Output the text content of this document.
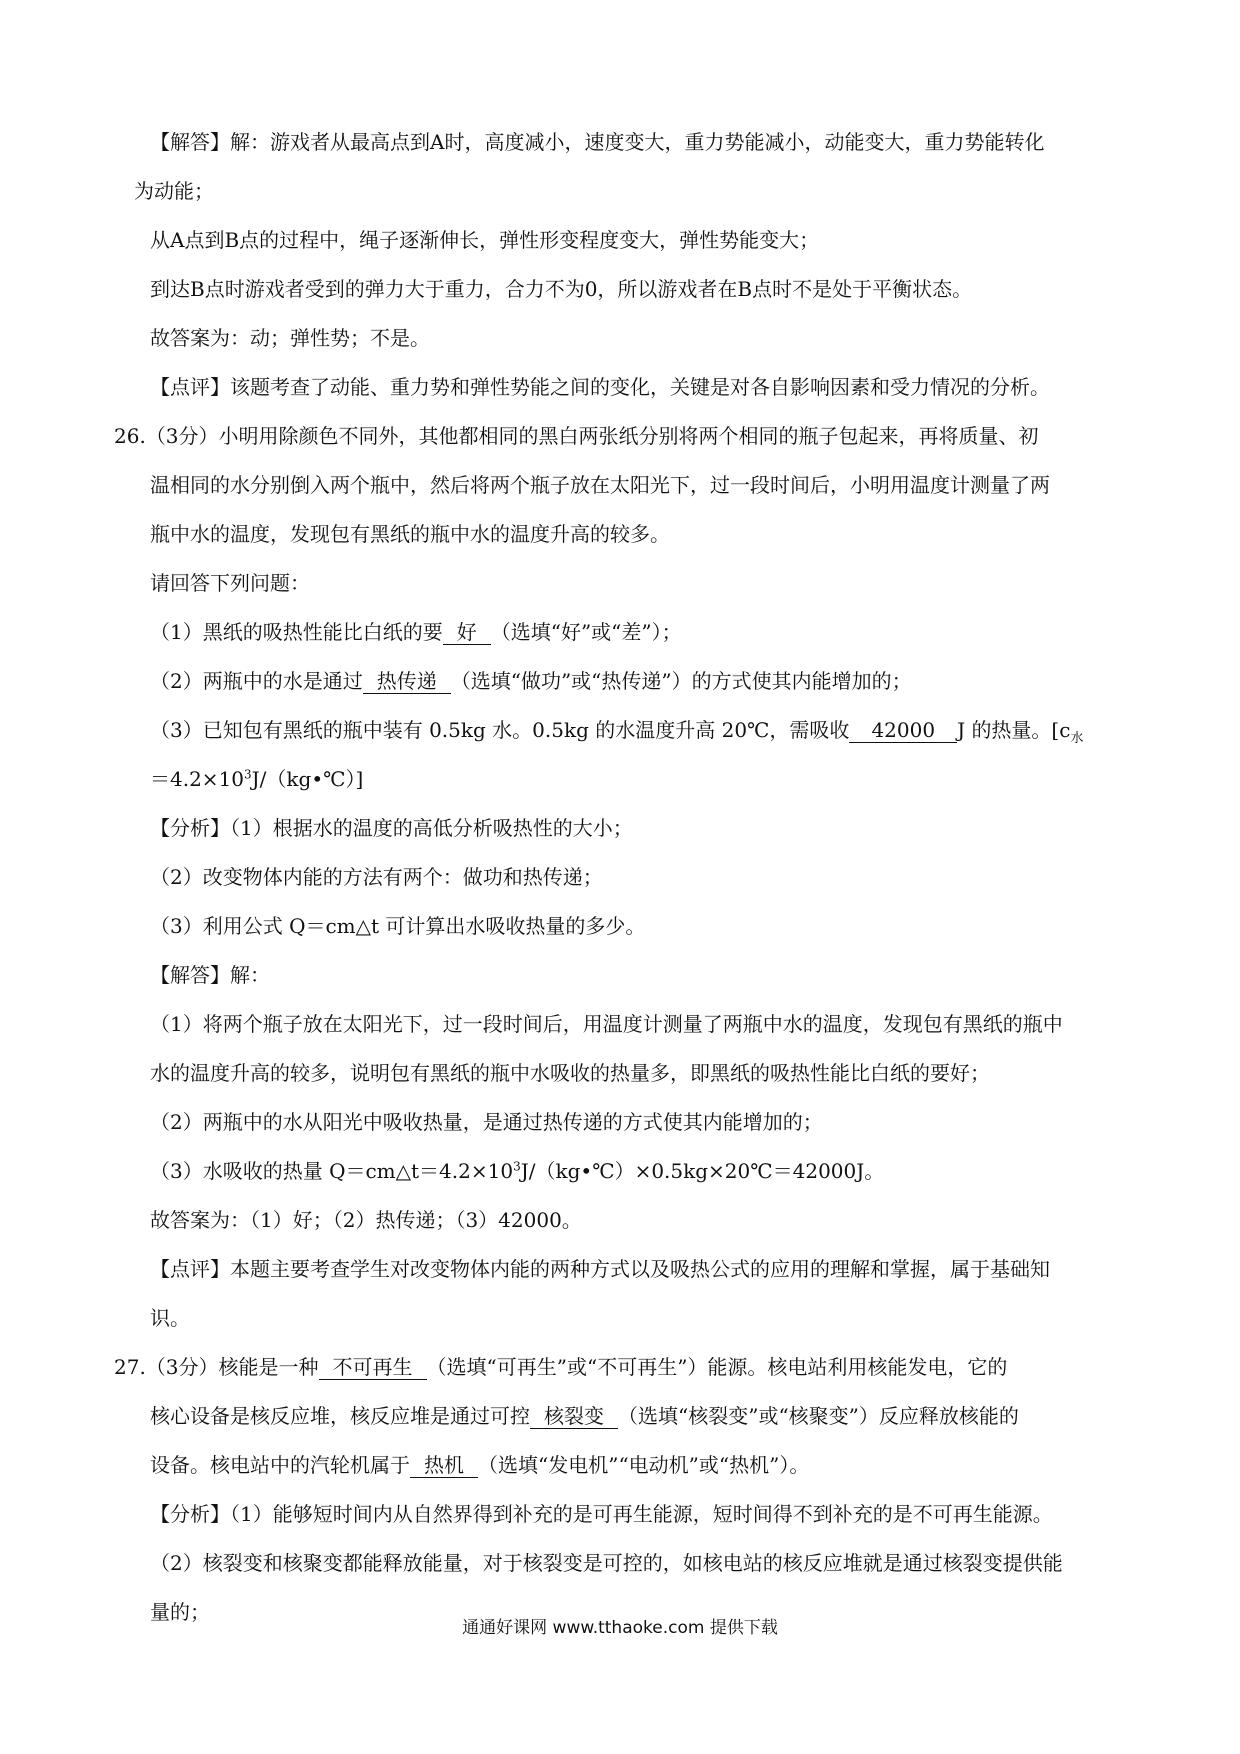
【解答】解：游戏者从最高点到A时，高度减小，速度变大，重力势能减小，动能变大，重力势能转化
为动能；
从A点到B点的过程中，绳子逐渐伸长，弹性形变程度变大，弹性势能变大；
到达B点时游戏者受到的弹力大于重力，合力不为0，所以游戏者在B点时不是处于平衡状态。
故答案为：动；弹性势；不是。
【点评】该题考查了动能、重力势和弹性势能之间的变化，关键是对各自影响因素和受力情况的分析。
26.（3分）小明用除颜色不同外，其他都相同的黑白两张纸分别将两个相同的瓶子包起来，再将质量、初
温相同的水分别倒入两个瓶中，然后将两个瓶子放在太阳光下，过一段时间后，小明用温度计测量了两
瓶中水的温度，发现包有黑纸的瓶中水的温度升高的较多。
请回答下列问题：
（1）黑纸的吸热性能比白纸的要 好 （选填“好”或“差”）；
（2）两瓶中的水是通过 热传递 （选填“做功”或“热传递”）的方式使其内能增加的；
（3）已知包有黑纸的瓶中装有 0.5kg 水。0.5kg 的水温度升高 20℃，需吸收 42000 J 的热量。[$c_水$
$=4.2\times 10^3J/(kg•℃)$]
【分析】（1）根据水的温度的高低分析吸热性的大小；
（2）改变物体内能的方法有两个：做功和热传递；
（3）利用公式 Q＝cm△t 可计算出水吸收热量的多少。
【解答】解：
（1）将两个瓶子放在太阳光下，过一段时间后，用温度计测量了两瓶中水的温度，发现包有黑纸的瓶中
水的温度升高的较多，说明包有黑纸的瓶中水吸收的热量多，即黑纸的吸热性能比白纸的要好；
（2）两瓶中的水从阳光中吸收热量，是通过热传递的方式使其内能增加的；
（3）水吸收的热量 $Q=cm\triangle t=4.2\times 10^3J/(kg•℃)\times 0.5kg\times 20℃=42000J$。
故答案为：（1）好；（2）热传递；（3）42000。
【点评】本题主要考查学生对改变物体内能的两种方式以及吸热公式的应用的理解和掌握，属于基础知
识。
27.（3分）核能是一种 不可再生 （选填“可再生”或“不可再生”）能源。核电站利用核能发电，它的
核心设备是核反应堆，核反应堆是通过可控 核裂变 （选填“核裂变”或“核聚变”）反应释放核能的
设备。核电站中的汽轮机属于 热机 （选填“发电机”“电动机”或“热机”）。
【分析】（1）能够短时间内从自然界得到补充的是可再生能源，短时间得不到补充的是不可再生能源。
（2）核裂变和核聚变都能释放能量，对于核裂变是可控的，如核电站的核反应堆就是通过核裂变提供能
量的；
通通好课网 www.tthaoke.com 提供下载
